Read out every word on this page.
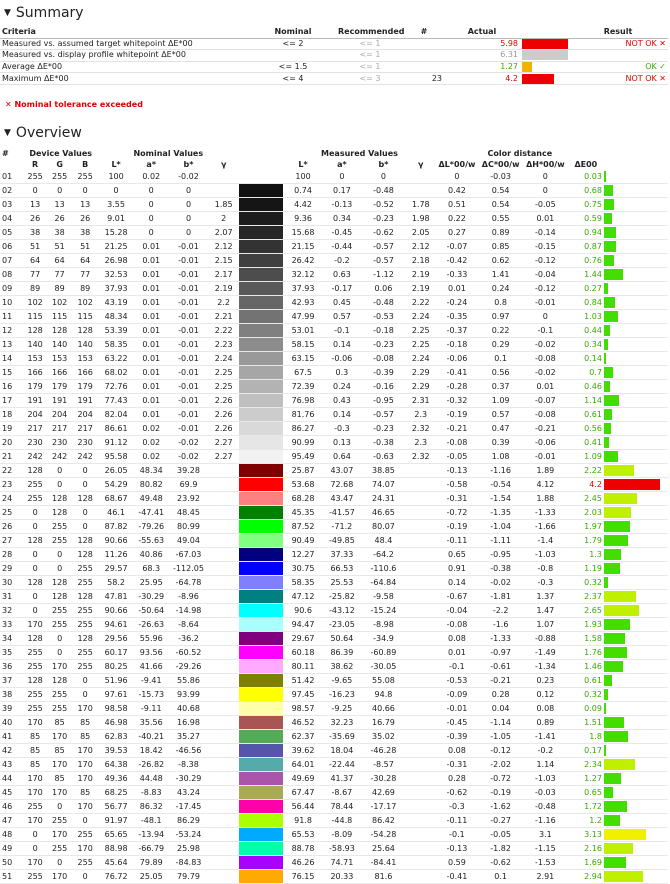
▼ Summary
Criteria	Nominal	Recommended	#	Actual		Result
Measured vs. assumed target whitepoint ΔE*00	<= 2	<= 1		5.98		NOT OK ✕
Measured vs. display profile whitepoint ΔE*00		<= 1		6.31		
Average ΔE*00	<= 1.5	<= 1		1.27		OK ✓
Maximum ΔE*00	<= 4	<= 3	23	4.2		NOT OK ✕
✕ Nominal tolerance exceeded
▼ Overview
#	Device Values			Nominal Values					Measured Values				Color distance				
	R	G	B	L*	a*	b*	γ		L*	a*	b*	γ	ΔL*00/w	ΔC*00/w	ΔH*00/w	ΔE00	
01	255	255	255	100	0.02	-0.02			100	0	0		0	-0.03	0	0.03	

02	0	0	0	0	0	0			0.74	0.17	-0.48		0.42	0.54	0	0.68	

03	13	13	13	3.55	0	0	1.85		4.42	-0.13	-0.52	1.78	0.51	0.54	-0.05	0.75	

04	26	26	26	9.01	0	0	2		9.36	0.34	-0.23	1.98	0.22	0.55	0.01	0.59	

05	38	38	38	15.28	0	0	2.07		15.68	-0.45	-0.62	2.05	0.27	0.89	-0.14	0.94	

06	51	51	51	21.25	0.01	-0.01	2.12		21.15	-0.44	-0.57	2.12	-0.07	0.85	-0.15	0.87	

07	64	64	64	26.98	0.01	-0.01	2.15		26.42	-0.2	-0.57	2.18	-0.42	0.62	-0.12	0.76	

08	77	77	77	32.53	0.01	-0.01	2.17		32.12	0.63	-1.12	2.19	-0.33	1.41	-0.04	1.44	

09	89	89	89	37.93	0.01	-0.01	2.19		37.93	-0.17	0.06	2.19	0.01	0.24	-0.12	0.27	

10	102	102	102	43.19	0.01	-0.01	2.2		42.93	0.45	-0.48	2.22	-0.24	0.8	-0.01	0.84	

11	115	115	115	48.34	0.01	-0.01	2.21		47.99	0.57	-0.53	2.24	-0.35	0.97	0	1.03	

12	128	128	128	53.39	0.01	-0.01	2.22		53.01	-0.1	-0.18	2.25	-0.37	0.22	-0.1	0.44	

13	140	140	140	58.35	0.01	-0.01	2.23		58.15	0.14	-0.23	2.25	-0.18	0.29	-0.02	0.34	

14	153	153	153	63.22	0.01	-0.01	2.24		63.15	-0.06	-0.08	2.24	-0.06	0.1	-0.08	0.14	

15	166	166	166	68.02	0.01	-0.01	2.25		67.5	0.3	-0.39	2.29	-0.41	0.56	-0.02	0.7	

16	179	179	179	72.76	0.01	-0.01	2.25		72.39	0.24	-0.16	2.29	-0.28	0.37	0.01	0.46	

17	191	191	191	77.43	0.01	-0.01	2.26		76.98	0.43	-0.95	2.31	-0.32	1.09	-0.07	1.14	

18	204	204	204	82.04	0.01	-0.01	2.26		81.76	0.14	-0.57	2.3	-0.19	0.57	-0.08	0.61	

19	217	217	217	86.61	0.02	-0.01	2.26		86.27	-0.3	-0.23	2.32	-0.21	0.47	-0.21	0.56	

20	230	230	230	91.12	0.02	-0.02	2.27		90.99	0.13	-0.38	2.3	-0.08	0.39	-0.06	0.41	

21	242	242	242	95.58	0.02	-0.02	2.27		95.49	0.64	-0.63	2.32	-0.05	1.08	-0.01	1.09	

22	128	0	0	26.05	48.34	39.28			25.87	43.07	38.85		-0.13	-1.16	1.89	2.22	

23	255	0	0	54.29	80.82	69.9			53.68	72.68	74.07		-0.58	-0.54	4.12	4.2	

24	255	128	128	68.67	49.48	23.92			68.28	43.47	24.31		-0.31	-1.54	1.88	2.45	

25	0	128	0	46.1	-47.41	48.45			45.35	-41.57	46.65		-0.72	-1.35	-1.33	2.03	

26	0	255	0	87.82	-79.26	80.99			87.52	-71.2	80.07		-0.19	-1.04	-1.66	1.97	

27	128	255	128	90.66	-55.63	49.04			90.49	-49.85	48.4		-0.11	-1.11	-1.4	1.79	

28	0	0	128	11.26	40.86	-67.03			12.27	37.33	-64.2		0.65	-0.95	-1.03	1.3	

29	0	0	255	29.57	68.3	-112.05			30.75	66.53	-110.6		0.91	-0.38	-0.8	1.19	

30	128	128	255	58.2	25.95	-64.78			58.35	25.53	-64.84		0.14	-0.02	-0.3	0.32	

31	0	128	128	47.81	-30.29	-8.96			47.12	-25.82	-9.58		-0.67	-1.81	1.37	2.37	

32	0	255	255	90.66	-50.64	-14.98			90.6	-43.12	-15.24		-0.04	-2.2	1.47	2.65	

33	170	255	255	94.61	-26.63	-8.64			94.47	-23.05	-8.98		-0.08	-1.6	1.07	1.93	

34	128	0	128	29.56	55.96	-36.2			29.67	50.64	-34.9		0.08	-1.33	-0.88	1.58	

35	255	0	255	60.17	93.56	-60.52			60.18	86.39	-60.89		0.01	-0.97	-1.49	1.76	

36	255	170	255	80.25	41.66	-29.26			80.11	38.62	-30.05		-0.1	-0.61	-1.34	1.46	

37	128	128	0	51.96	-9.41	55.86			51.42	-9.65	55.08		-0.53	-0.21	0.23	0.61	

38	255	255	0	97.61	-15.73	93.99			97.45	-16.23	94.8		-0.09	0.28	0.12	0.32	

39	255	255	170	98.58	-9.11	40.68			98.57	-9.25	40.66		-0.01	0.04	0.08	0.09	

40	170	85	85	46.98	35.56	16.98			46.52	32.23	16.79		-0.45	-1.14	0.89	1.51	

41	85	170	85	62.83	-40.21	35.27			62.37	-35.69	35.02		-0.39	-1.05	-1.41	1.8	

42	85	85	170	39.53	18.42	-46.56			39.62	18.04	-46.28		0.08	-0.12	-0.2	0.17	

43	85	170	170	64.38	-26.82	-8.38			64.01	-22.44	-8.57		-0.31	-2.02	1.14	2.34	

44	170	85	170	49.36	44.48	-30.29			49.69	41.37	-30.28		0.28	-0.72	-1.03	1.27	

45	170	170	85	68.25	-8.83	43.24			67.47	-8.67	42.69		-0.62	-0.19	-0.03	0.65	

46	255	0	170	56.77	86.32	-17.45			56.44	78.44	-17.17		-0.3	-1.62	-0.48	1.72	

47	170	255	0	91.97	-48.1	86.29			91.8	-44.8	86.42		-0.11	-0.27	-1.16	1.2	

48	0	170	255	65.65	-13.94	-53.24			65.53	-8.09	-54.28		-0.1	-0.05	3.1	3.13	

49	0	255	170	88.98	-66.79	25.98			88.78	-58.93	25.64		-0.13	-1.82	-1.15	2.16	

50	170	0	255	45.64	79.89	-84.83			46.26	74.71	-84.41		0.59	-0.62	-1.53	1.69	

51	255	170	0	76.72	25.05	79.79			76.15	20.33	81.6		-0.41	0.1	2.91	2.94	
